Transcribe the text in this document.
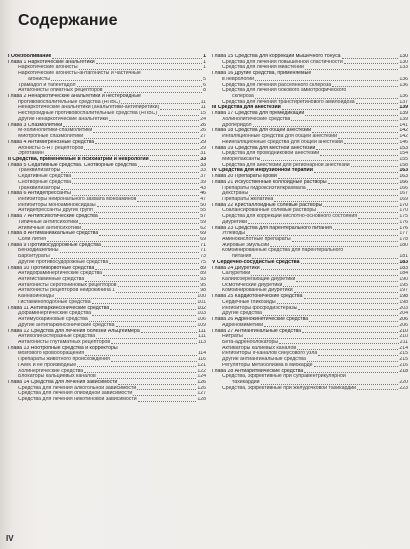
Содержание
I Обезболивание	1
Глава 1 Наркотические анальгетики	1
Наркотические агонисты	1
Наркотические агонисты-антагонисты и частичные
агонисты	5
Трамадол и тапентадол	6
Антагонисты опиатных рецепторов	8
Глава 2 Ненаркотические анальгетики и нестероидные
противовоспалительные средства (НПВС)	11
Ненаркотические анальгетики (анальгетики-антипиретики)	11
Нестероидные противовоспалительные средства (НПВС)	15
Другие ненаркотические анальгетики	24
Глава 3 Спазмолитики	26
М-холинолитики-спазмолитики	26
Миотропные спазмолитики	27
Глава 4 Антимигренозные средства	29
Агонисты 5-НТ рецепторов	29
Эрготамин	31
II Средства, применяемые в психиатрии и неврологии	33
Глава 5 Седативные средства. Снотворные средства	33
Транквилизаторы	33
Седативные средства	37
Снотворные средства	39
Транквилизаторы	43
Глава 6 Антидепрессанты	46
Ингибиторы нейронального захвата моноаминов	47
Ингибиторы моноаминоксидазы	50
Антидепрессанты других групп	55
Глава 7 Антипсихотические средства	57
Типичные антипсихотики	59
Атипичные антипсихотики	62
Глава 8 Антиманиакальные средства	69
Соли лития	69
Глава 9 Противосудорожные средства	71
Бензодиазепины	71
Барбитураты	73
Другие противосудорожные средства	75
Глава 10 Противорвотные средства	89
Антидофаминергические средства	89
Антигистаминные средства	93
Антагонисты серотониновых рецепторов	95
Антагонисты рецепторов нейрокинина 1	98
Каннабиноиды	100
Гистаминоподобные средства	101
Глава 11 Антипаркинсонические средства	102
Дофаминергические средства	103
Антимускариновые средства	106
Другие антипаркинсонические средства	109
Глава 12 Средства для лечения болезни Альцгеймера	111
Антихолинэстеразные средства	111
Антагонисты глутаматных рецепторов	113
Глава 13 Ноотропные средства и корректоры
мозгового кровообращения	114
Препараты животного происхождения	116
ГАМК и ее производные	121
Холинергические средства	122
Блокаторы кальциевых каналов	124
Глава 14 Средства для лечения зависимости	126
Средства для лечения алкогольной зависимости	126
Средства для лечения опиоидной зависимости	127
Средства для лечения никотиновой зависимости	128
Глава 15 Средства для коррекции мышечного тонуса	130
Средства для лечения повышенной спастичности	130
Средства для лечения миастении	133
Глава 16 Другие средства, применяемые
в неврологии	136
Средства для лечения рассеянного склероза	136
Средства для лечения бокового амиотрофического
склероза	136
Средства для лечения транстиретинового амилоидоза	137
III Средства для анестезии	139
Глава 17 Средства для премедикации	139
Холинолитические средства	139
Дроперидол	141
Глава 18 Средства для общей анестезии	142
Ингаляционные средства для общей анестезии	142
Неингаляционные средства для общей анестезии	146
Глава 19 Средства для местной анестезии	153
Средства для проводниковой анестезии	154
Миорелаксанты	155
Средства для анестезии для регионарной анестезии	158
IV Средства для инфузионной терапии	163
Глава 20 Препараты крови	163
Глава 21 Искусственные коллоидные растворы	166
Препараты гидроксиэтилкрахмала	166
Декстраны	167
Препараты желатина	169
Глава 22 Кристаллоидные солевые растворы	170
Сбалансированные солевые растворы	170
Средства для коррекции кислотно-основного состояния	175
Диуретики	176
Глава 23 Средства для парентерального питания	176
Углеводы	177
Аминокислотные препараты	178
Жировые эмульсии	180
Комбинированные средства для парентерального
питания	181
V Сердечно-сосудистые средства	183
Глава 24 Диуретики	183
Салуретики	184
Калийсберегающие диуретики	190
Осмотические диуретики	195
Комбинированные диуретики	197
Глава 25 Кардиотонические средства	198
Сердечные гликозиды	198
Ингибиторы фосфодиэстеразы	203
Другие средства	204
Глава 26 Адренокинетические средства	206
Адреномиметики	206
Глава 27 Антиангинальные средства	210
Нитраты	210
Бета-адреноблокаторы	211
Активаторы калиевых каналов	214
Ингибиторы If-каналов синусового узла	215
Другие антиангинальные средства	215
Регуляторы метаболизма в миокарде	216
Глава 28 Антиаритмические средства	218
Средства, эффективные при суправентрикулярной
тахикардии	220
Средства, эффективные при желудочковой тахикардии	223
IV
